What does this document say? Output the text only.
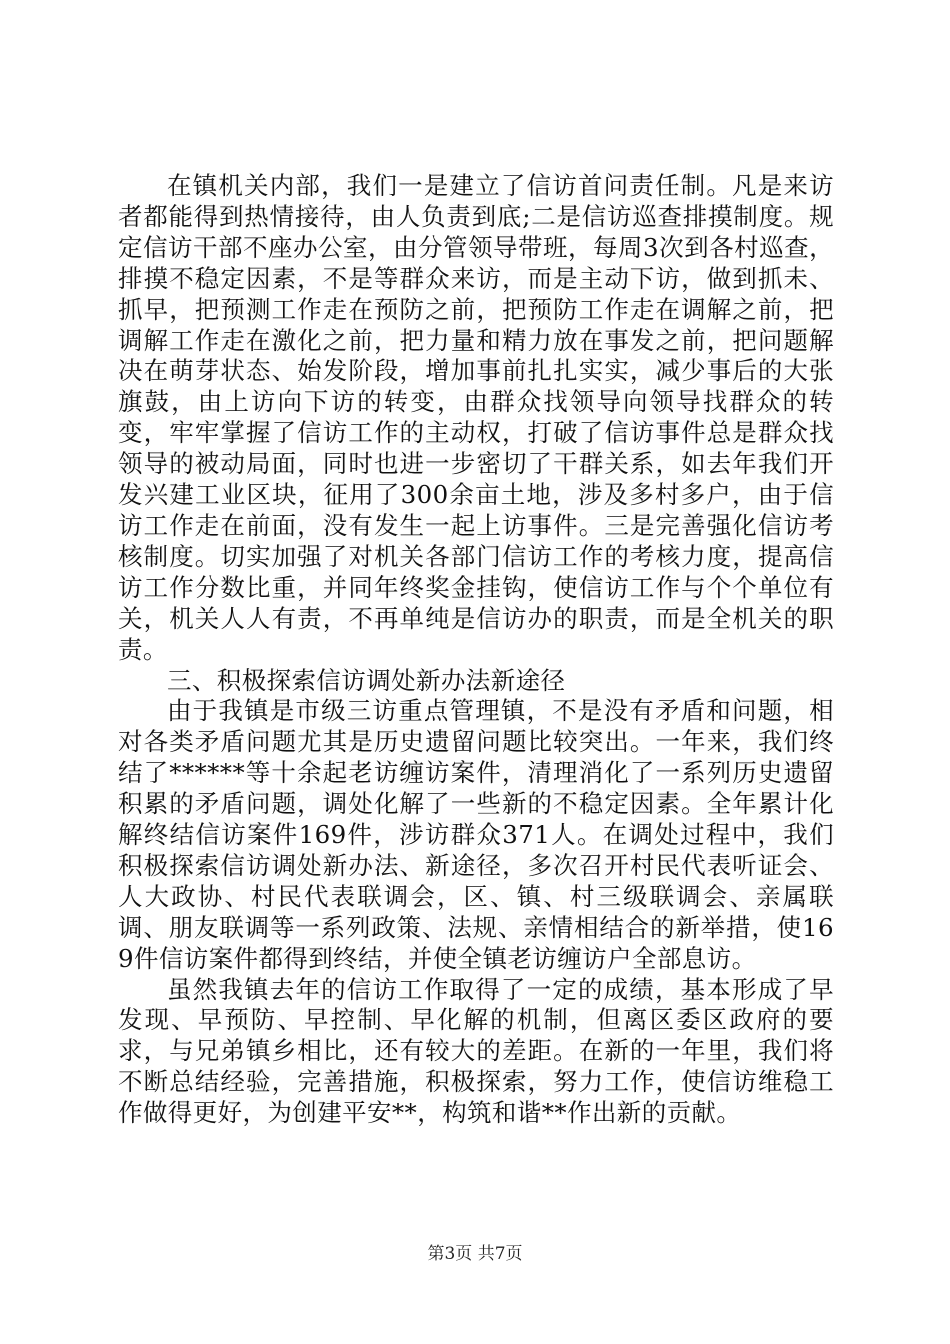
在镇机关内部，我们一是建立了信访首问责任制。凡是来访者都能得到热情接待，由人负责到底;二是信访巡查排摸制度。规定信访干部不座办公室，由分管领导带班，每周3次到各村巡查，排摸不稳定因素，不是等群众来访，而是主动下访，做到抓未、抓早，把预测工作走在预防之前，把预防工作走在调解之前，把调解工作走在激化之前，把力量和精力放在事发之前，把问题解决在萌芽状态、始发阶段，增加事前扎扎实实，减少事后的大张旗鼓，由上访向下访的转变，由群众找领导向领导找群众的转变，牢牢掌握了信访工作的主动权，打破了信访事件总是群众找领导的被动局面，同时也进一步密切了干群关系，如去年我们开发兴建工业区块，征用了300余亩土地，涉及多村多户，由于信访工作走在前面，没有发生一起上访事件。三是完善强化信访考核制度。切实加强了对机关各部门信访工作的考核力度，提高信访工作分数比重，并同年终奖金挂钩，使信访工作与个个单位有关，机关人人有责，不再单纯是信访办的职责，而是全机关的职责。

三、积极探索信访调处新办法新途径

由于我镇是市级三访重点管理镇，不是没有矛盾和问题，相对各类矛盾问题尤其是历史遗留问题比较突出。一年来，我们终结了******等十余起老访缠访案件，清理消化了一系列历史遗留积累的矛盾问题，调处化解了一些新的不稳定因素。全年累计化解终结信访案件169件，涉访群众371人。在调处过程中，我们积极探索信访调处新办法、新途径，多次召开村民代表听证会、人大政协、村民代表联调会，区、镇、村三级联调会、亲属联调、朋友联调等一系列政策、法规、亲情相结合的新举措，使169件信访案件都得到终结，并使全镇老访缠访户全部息访。

虽然我镇去年的信访工作取得了一定的成绩，基本形成了早发现、早预防、早控制、早化解的机制，但离区委区政府的要求，与兄弟镇乡相比，还有较大的差距。在新的一年里，我们将不断总结经验，完善措施，积极探索，努力工作，使信访维稳工作做得更好，为创建平安**，构筑和谐**作出新的贡献。

第3页 共7页
